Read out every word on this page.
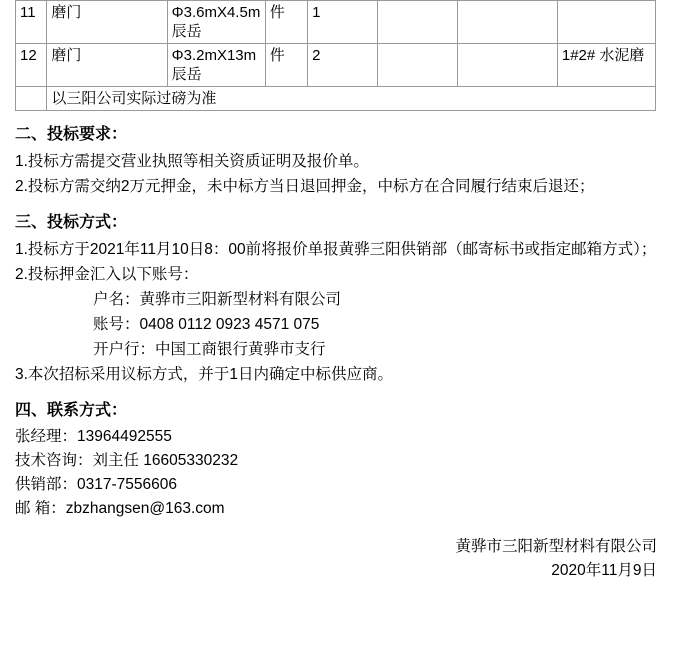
11	磨门	Φ3.6mX4.5m辰岳	件	1			
12	磨门	Φ3.2mX13m辰岳	件	2			1#2# 水泥磨
	以三阳公司实际过磅为准						
二、投标要求：

1.投标方需提交营业执照等相关资质证明及报价单。

2.投标方需交纳2万元押金，未中标方当日退回押金，中标方在合同履行结束后退还；

三、投标方式：

1.投标方于2021年11月10日8：00前将报价单报黄骅三阳供销部（邮寄标书或指定邮箱方式）；

2.投标押金汇入以下账号：

户名：黄骅市三阳新型材料有限公司

账号：0408 0112 0923 4571 075

开户行：中国工商银行黄骅市支行

3.本次招标采用议标方式，并于1日内确定中标供应商。

四、联系方式：

张经理：13964492555

技术咨询：刘主任 16605330232

供销部：0317-7556606

邮 箱：zbzhangsen@163.com

黄骅市三阳新型材料有限公司

2020年11月9日
